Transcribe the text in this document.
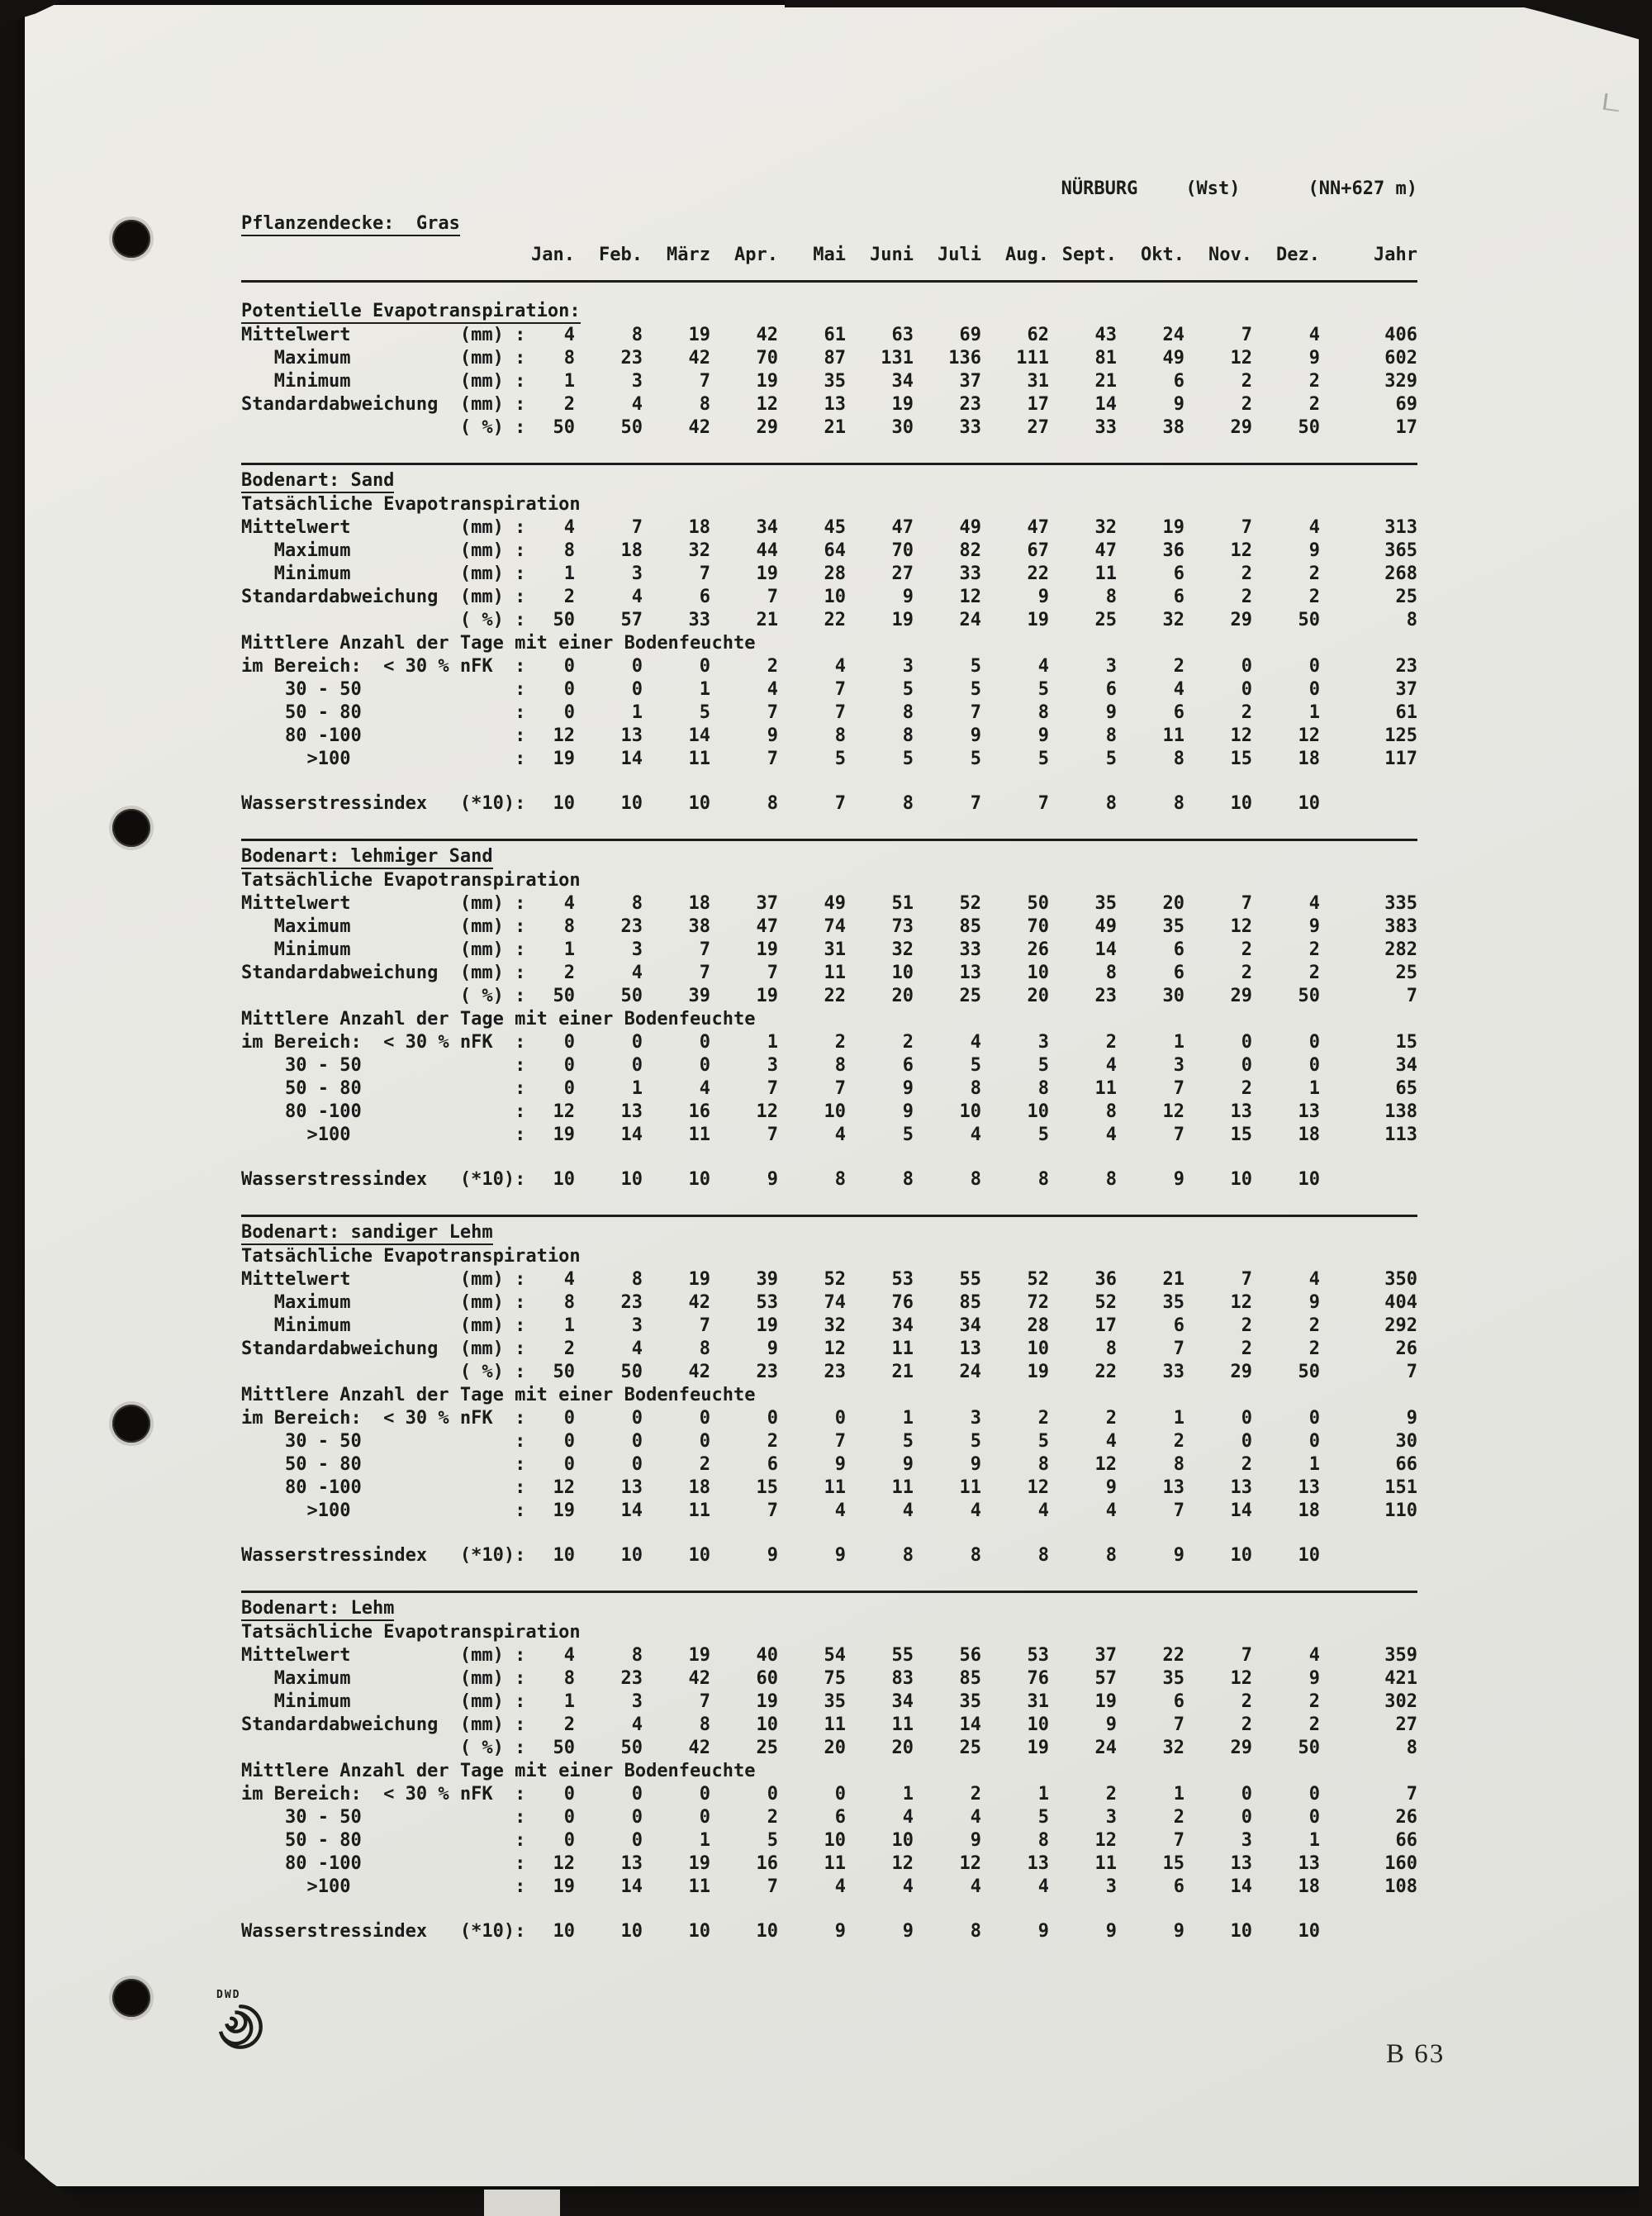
NÜRBURG	(Wst)	(NN+627 m)
Pflanzendecke:  Gras
Jan.	Feb.	März	Apr.	Mai	Juni	Juli	Aug. Sept.	Okt.	Nov.	Dez.	Jahr
Potentielle Evapotranspiration:
Mittelwert          (mm) :	4	8	19	42	61	63	69	62	43	24	7	4	406
Maximum          (mm) :	8	23	42	70	87	131	136	111	81	49	12	9	602
Minimum          (mm) :	1	3	7	19	35	34	37	31	21	6	2	2	329
Standardabweichung  (mm) :	2	4	8	12	13	19	23	17	14	9	2	2	69
( %) :	50	50	42	29	21	30	33	27	33	38	29	50	17
Bodenart: Sand
Tatsächliche Evapotranspiration
Mittelwert          (mm) :	4	7	18	34	45	47	49	47	32	19	7	4	313
Maximum          (mm) :	8	18	32	44	64	70	82	67	47	36	12	9	365
Minimum          (mm) :	1	3	7	19	28	27	33	22	11	6	2	2	268
Standardabweichung  (mm) :	2	4	6	7	10	9	12	9	8	6	2	2	25
( %) :	50	57	33	21	22	19	24	19	25	32	29	50	8
Mittlere Anzahl der Tage mit einer Bodenfeuchte
im Bereich:  < 30 % nFK  :	0	0	0	2	4	3	5	4	3	2	0	0	23
30 - 50              :	0	0	1	4	7	5	5	5	6	4	0	0	37
50 - 80              :	0	1	5	7	7	8	7	8	9	6	2	1	61
80 -100              :	12	13	14	9	8	8	9	9	8	11	12	12	125
>100               :	19	14	11	7	5	5	5	5	5	8	15	18	117
Wasserstressindex   (*10):	10	10	10	8	7	8	7	7	8	8	10	10
Bodenart: lehmiger Sand
Tatsächliche Evapotranspiration
Mittelwert          (mm) :	4	8	18	37	49	51	52	50	35	20	7	4	335
Maximum          (mm) :	8	23	38	47	74	73	85	70	49	35	12	9	383
Minimum          (mm) :	1	3	7	19	31	32	33	26	14	6	2	2	282
Standardabweichung  (mm) :	2	4	7	7	11	10	13	10	8	6	2	2	25
( %) :	50	50	39	19	22	20	25	20	23	30	29	50	7
Mittlere Anzahl der Tage mit einer Bodenfeuchte
im Bereich:  < 30 % nFK  :	0	0	0	1	2	2	4	3	2	1	0	0	15
30 - 50              :	0	0	0	3	8	6	5	5	4	3	0	0	34
50 - 80              :	0	1	4	7	7	9	8	8	11	7	2	1	65
80 -100              :	12	13	16	12	10	9	10	10	8	12	13	13	138
>100               :	19	14	11	7	4	5	4	5	4	7	15	18	113
Wasserstressindex   (*10):	10	10	10	9	8	8	8	8	8	9	10	10
Bodenart: sandiger Lehm
Tatsächliche Evapotranspiration
Mittelwert          (mm) :	4	8	19	39	52	53	55	52	36	21	7	4	350
Maximum          (mm) :	8	23	42	53	74	76	85	72	52	35	12	9	404
Minimum          (mm) :	1	3	7	19	32	34	34	28	17	6	2	2	292
Standardabweichung  (mm) :	2	4	8	9	12	11	13	10	8	7	2	2	26
( %) :	50	50	42	23	23	21	24	19	22	33	29	50	7
Mittlere Anzahl der Tage mit einer Bodenfeuchte
im Bereich:  < 30 % nFK  :	0	0	0	0	0	1	3	2	2	1	0	0	9
30 - 50              :	0	0	0	2	7	5	5	5	4	2	0	0	30
50 - 80              :	0	0	2	6	9	9	9	8	12	8	2	1	66
80 -100              :	12	13	18	15	11	11	11	12	9	13	13	13	151
>100               :	19	14	11	7	4	4	4	4	4	7	14	18	110
Wasserstressindex   (*10):	10	10	10	9	9	8	8	8	8	9	10	10
Bodenart: Lehm
Tatsächliche Evapotranspiration
Mittelwert          (mm) :	4	8	19	40	54	55	56	53	37	22	7	4	359
Maximum          (mm) :	8	23	42	60	75	83	85	76	57	35	12	9	421
Minimum          (mm) :	1	3	7	19	35	34	35	31	19	6	2	2	302
Standardabweichung  (mm) :	2	4	8	10	11	11	14	10	9	7	2	2	27
( %) :	50	50	42	25	20	20	25	19	24	32	29	50	8
Mittlere Anzahl der Tage mit einer Bodenfeuchte
im Bereich:  < 30 % nFK  :	0	0	0	0	0	1	2	1	2	1	0	0	7
30 - 50              :	0	0	0	2	6	4	4	5	3	2	0	0	26
50 - 80              :	0	0	1	5	10	10	9	8	12	7	3	1	66
80 -100              :	12	13	19	16	11	12	12	13	11	15	13	13	160
>100               :	19	14	11	7	4	4	4	4	3	6	14	18	108
Wasserstressindex   (*10):	10	10	10	10	9	9	8	9	9	9	10	10
DWD
B 63
